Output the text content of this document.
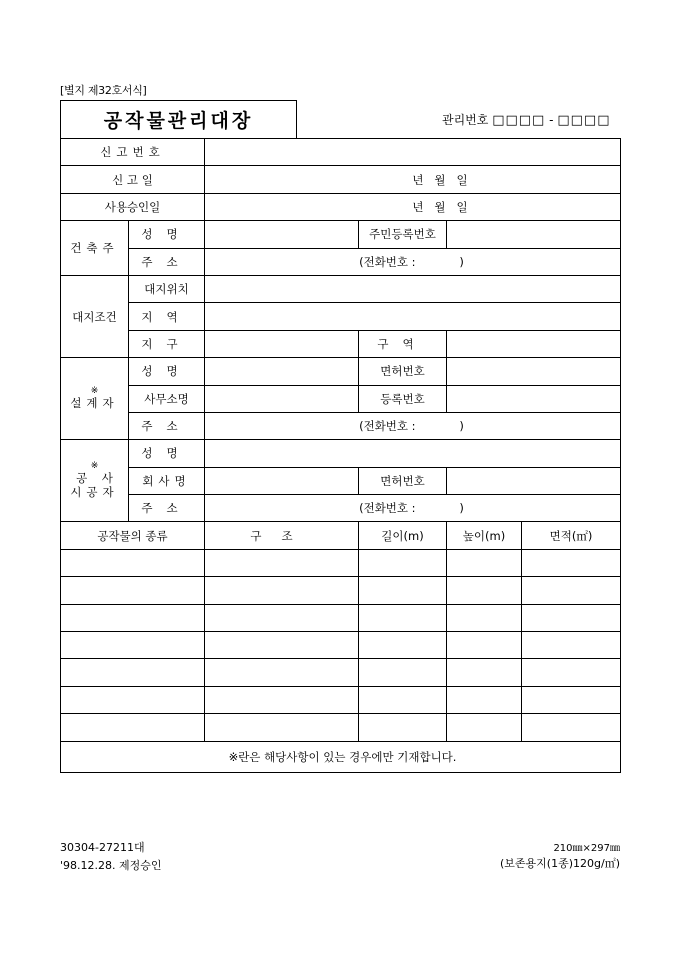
[별지 제32호서식]
공작물관리대장	관리번호 □□□□ - □□□□
신고번호					
신 고 일		년   월   일			
사용승인일		년   월   일			
건축주	성명		주민등록번호		
	주소	(전화번호 :            )			
대지조건	대지위치				
	지역				
	지구		구역		

※
설계자	성명		면허번호		
	사무소명		등록번호		
	주소	(전화번호 :            )			

※
공    사
시공자	성명				
	회사명		면허번호		
	주소	(전화번호 :            )			
공작물의 종류		구조	길이(m)	높이(m)	면적(㎡)

※란은 해당사항이 있는 경우에만 기재합니다.					
30304-27211대
'98.12.28. 제정승인
210㎜×297㎜
(보존용지(1종)120g/㎡)
